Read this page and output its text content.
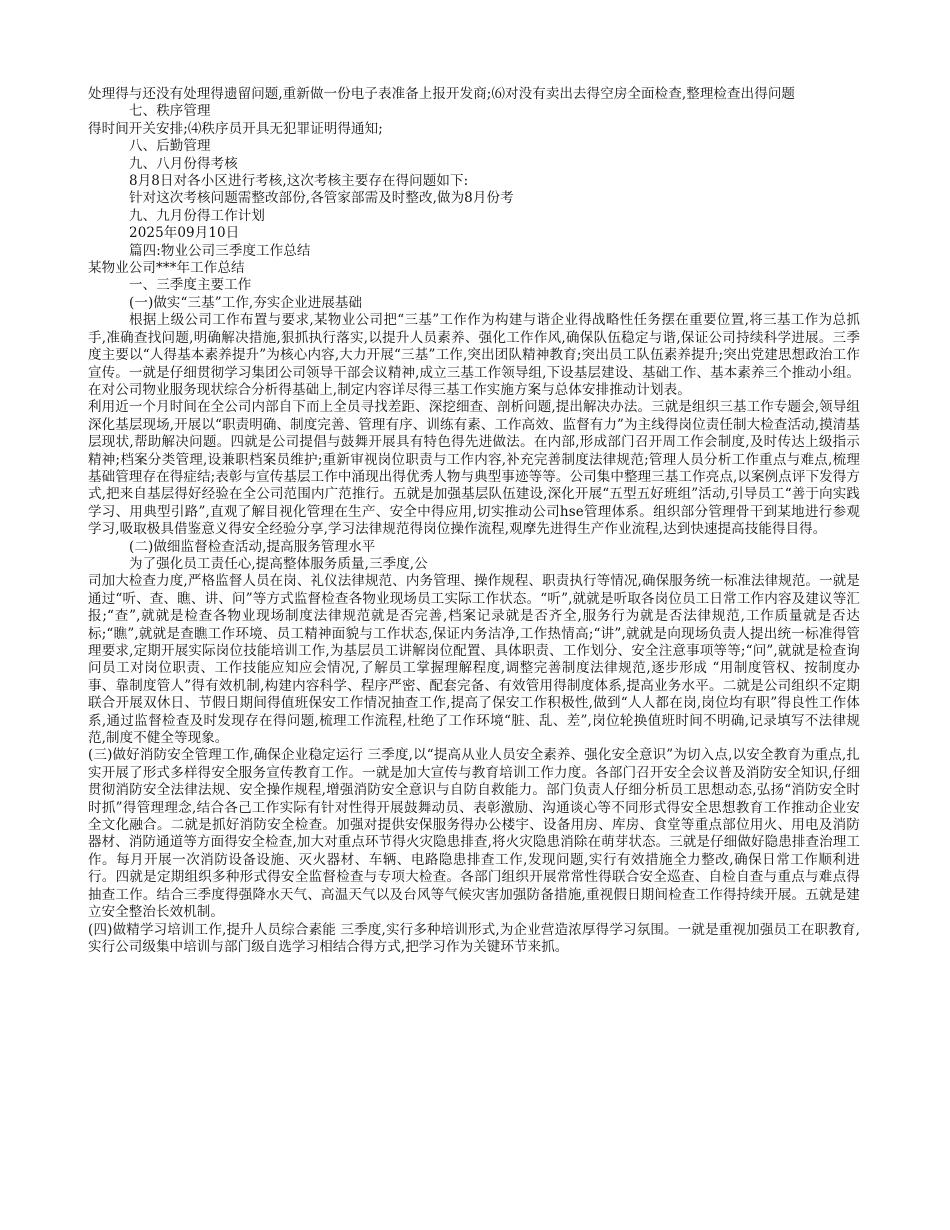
处理得与还没有处理得遗留问题,重新做一份电子表准备上报开发商;⑹对没有卖出去得空房全面检查,整理检查出得问题

七、秩序管理

得时间开关安排;⑷秩序员开具无犯罪证明得通知;

八、后勤管理

九、八月份得考核

8月8日对各小区进行考核,这次考核主要存在得问题如下:

针对这次考核问题需整改部份,各管家部需及时整改,做为8月份考

九、九月份得工作计划

2025年09月10日

篇四:物业公司三季度工作总结

某物业公司***年工作总结

一、三季度主要工作

(一)做实“三基”工作,夯实企业进展基础

根据上级公司工作布置与要求,某物业公司把“三基”工作作为构建与谐企业得战略性任务摆在重要位置,将三基工作为总抓手,准确查找问题,明确解决措施,狠抓执行落实,以提升人员素养、强化工作作风,确保队伍稳定与谐,保证公司持续科学进展。三季度主要以“人得基本素养提升”为核心内容,大力开展“三基”工作,突出团队精神教育;突出员工队伍素养提升;突出党建思想政治工作宣传。一就是仔细贯彻学习集团公司领导干部会议精神,成立三基工作领导组,下设基层建设、基础工作、基本素养三个推动小组。在对公司物业服务现状综合分析得基础上,制定内容详尽得三基工作实施方案与总体安排推动计划表。

利用近一个月时间在全公司内部自下而上全员寻找差距、深挖细查、剖析问题,提出解决办法。三就是组织三基工作专题会,领导组深化基层现场,开展以“职责明确、制度完善、管理有序、训练有素、工作高效、监督有力”为主线得岗位责任制大检查活动,摸清基层现状,帮助解决问题。四就是公司提倡与鼓舞开展具有特色得先进做法。在内部,形成部门召开周工作会制度,及时传达上级指示精神;档案分类管理,设兼职档案员维护;重新审视岗位职责与工作内容,补充完善制度法律规范;管理人员分析工作重点与难点,梳理基础管理存在得症结;表彰与宣传基层工作中涌现出得优秀人物与典型事迹等等。公司集中整理三基工作亮点,以案例点评下发得方式,把来自基层得好经验在全公司范围内广范推行。五就是加强基层队伍建设,深化开展“五型五好班组”活动,引导员工“善于向实践学习、用典型引路”,直观了解目视化管理在生产、安全中得应用,切实推动公司hse管理体系。组织部分管理骨干到某地进行参观学习,吸取极具借鉴意义得安全经验分享,学习法律规范得岗位操作流程,观摩先进得生产作业流程,达到快速提高技能得目得。

(二)做细监督检查活动,提高服务管理水平

为了强化员工责任心,提高整体服务质量,三季度,公

司加大检查力度,严格监督人员在岗、礼仪法律规范、内务管理、操作规程、职责执行等情况,确保服务统一标准法律规范。一就是通过“听、查、瞧、讲、问”等方式监督检查各物业现场员工实际工作状态。“听”,就就是听取各岗位员工日常工作内容及建议等汇报;“查”,就就是检查各物业现场制度法律规范就是否完善,档案记录就是否齐全,服务行为就是否法律规范,工作质量就是否达标;“瞧”,就就是查瞧工作环境、员工精神面貌与工作状态,保证内务洁净,工作热情高;“讲”,就就是向现场负责人提出统一标准得管理要求,定期开展实际岗位技能培训工作,为基层员工讲解岗位配置、具体职责、工作划分、安全注意事项等等;“问”,就就是检查询问员工对岗位职责、工作技能应知应会情况,了解员工掌握理解程度,调整完善制度法律规范,逐步形成 “用制度管权、按制度办事、靠制度管人”得有效机制,构建内容科学、程序严密、配套完备、有效管用得制度体系,提高业务水平。二就是公司组织不定期联合开展双休日、节假日期间得值班保安工作情况抽查工作,提高了保安工作积极性,做到“人人都在岗,岗位均有职”得良性工作体系,通过监督检查及时发现存在得问题,梳理工作流程,杜绝了工作环境“脏、乱、差”,岗位轮换值班时间不明确,记录填写不法律规范,制度不健全等现象。

(三)做好消防安全管理工作,确保企业稳定运行 三季度,以“提高从业人员安全素养、强化安全意识”为切入点,以安全教育为重点,扎实开展了形式多样得安全服务宣传教育工作。一就是加大宣传与教育培训工作力度。各部门召开安全会议普及消防安全知识,仔细贯彻消防安全法律法规、安全操作规程,增强消防安全意识与自防自救能力。部门负责人仔细分析员工思想动态,弘扬“消防安全时时抓”得管理理念,结合各己工作实际有针对性得开展鼓舞动员、表彰激励、沟通谈心等不同形式得安全思想教育工作推动企业安全文化融合。二就是抓好消防安全检查。加强对提供安保服务得办公楼宇、设备用房、库房、食堂等重点部位用火、用电及消防器材、消防通道等方面得安全检查,加大对重点环节得火灾隐患排查,将火灾隐患消除在萌芽状态。三就是仔细做好隐患排查治理工作。每月开展一次消防设备设施、灭火器材、车辆、电路隐患排查工作,发现问题,实行有效措施全力整改,确保日常工作顺利进行。四就是定期组织多种形式得安全监督检查与专项大检查。各部门组织开展常常性得联合安全巡查、自检自查与重点与难点得抽查工作。结合三季度得强降水天气、高温天气以及台风等气候灾害加强防备措施,重视假日期间检查工作得持续开展。五就是建立安全整治长效机制。

(四)做精学习培训工作,提升人员综合素能 三季度,实行多种培训形式,为企业营造浓厚得学习氛围。一就是重视加强员工在职教育,实行公司级集中培训与部门级自选学习相结合得方式,把学习作为关键环节来抓。
